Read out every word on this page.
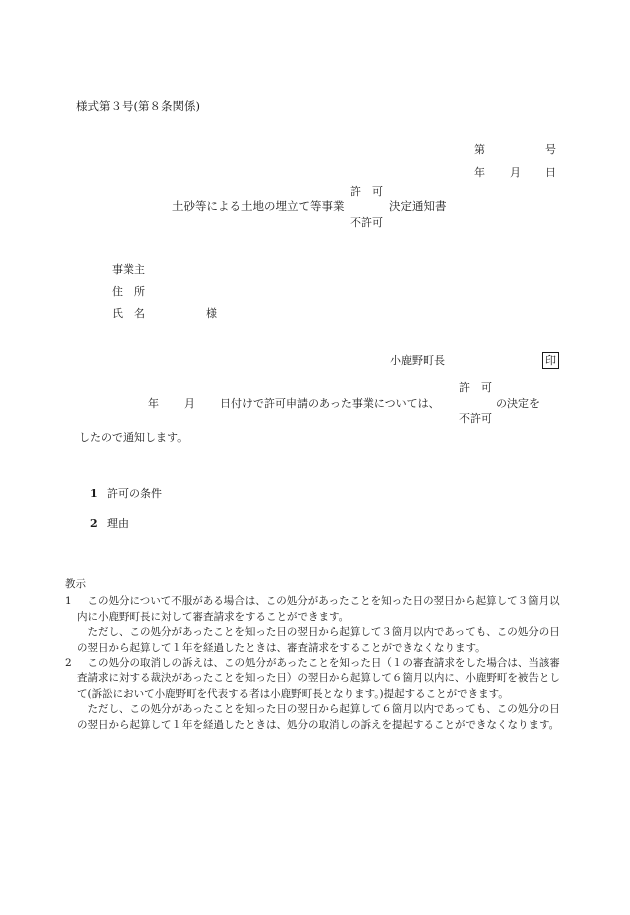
様式第３号(第８条関係)
第	号
年 月 日
許　可
土砂等による土地の埋立て等事業	決定通知書
不許可
事業主
住　所
氏　名	様
小鹿野町長	印
許　可
年 月 日付けで許可申請のあった事業については、	の決定を
不許可
したので通知します。
1 許可の条件
2 理由

教示

1	この処分について不服がある場合は、この処分があったことを知った日の翌日から起算して３箇月以内に小鹿野町長に対して審査請求をすることができます。

ただし、この処分があったことを知った日の翌日から起算して３箇月以内であっても、この処分の日の翌日から起算して１年を経過したときは、審査請求をすることができなくなります。

2	この処分の取消しの訴えは、この処分があったことを知った日（１の審査請求をした場合は、当該審査請求に対する裁決があったことを知った日）の翌日から起算して６箇月以内に、小鹿野町を被告として(訴訟において小鹿野町を代表する者は小鹿野町長となります。)提起することができます。

ただし、この処分があったことを知った日の翌日から起算して６箇月以内であっても、この処分の日の翌日から起算して１年を経過したときは、処分の取消しの訴えを提起することができなくなります。
